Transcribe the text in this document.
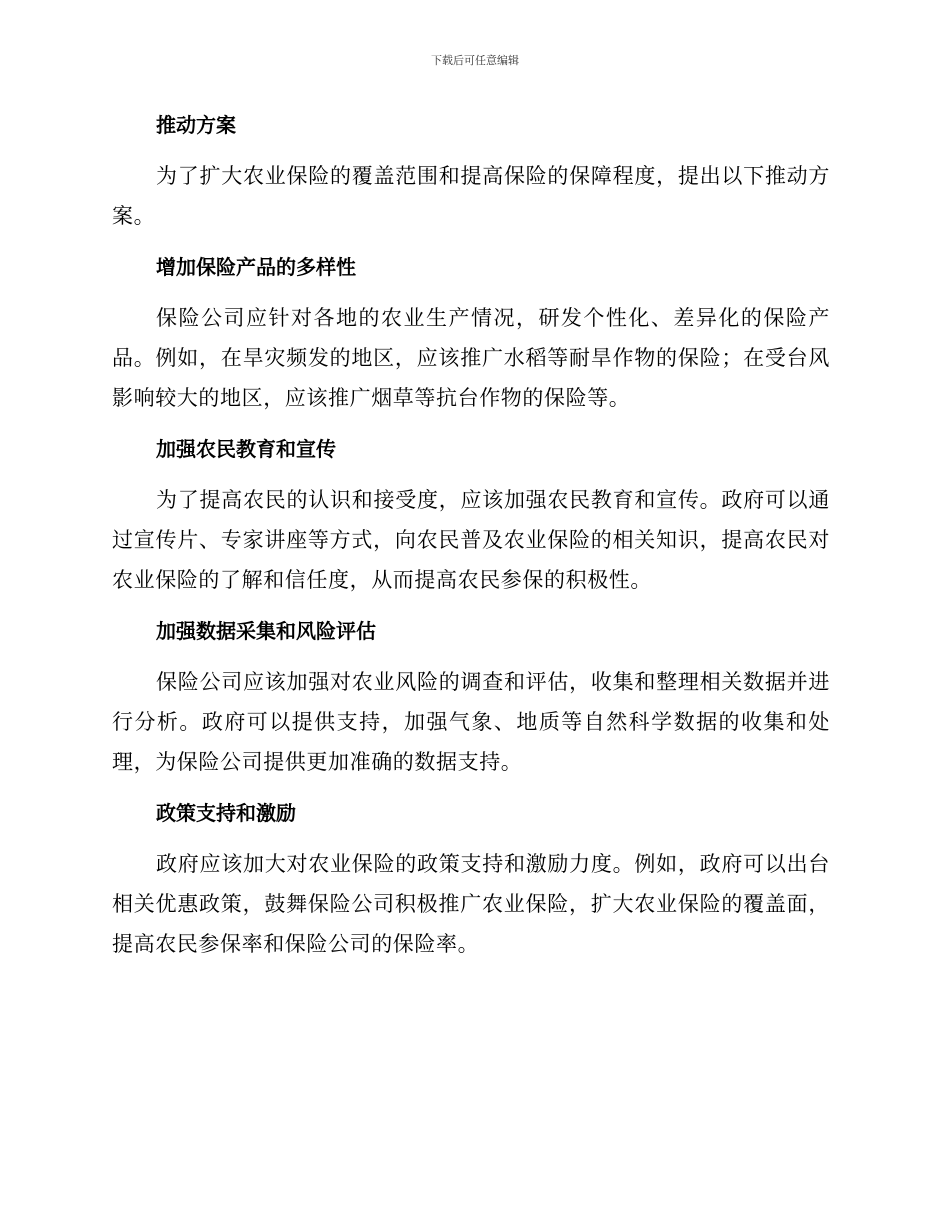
下载后可任意编辑
推动方案

为了扩大农业保险的覆盖范围和提高保险的保障程度，提出以下推动方案。

增加保险产品的多样性

保险公司应针对各地的农业生产情况，研发个性化、差异化的保险产品。例如，在旱灾频发的地区，应该推广水稻等耐旱作物的保险；在受台风影响较大的地区，应该推广烟草等抗台作物的保险等。

加强农民教育和宣传

为了提高农民的认识和接受度，应该加强农民教育和宣传。政府可以通过宣传片、专家讲座等方式，向农民普及农业保险的相关知识，提高农民对农业保险的了解和信任度，从而提高农民参保的积极性。

加强数据采集和风险评估

保险公司应该加强对农业风险的调查和评估，收集和整理相关数据并进行分析。政府可以提供支持，加强气象、地质等自然科学数据的收集和处理，为保险公司提供更加准确的数据支持。

政策支持和激励

政府应该加大对农业保险的政策支持和激励力度。例如，政府可以出台相关优惠政策，鼓舞保险公司积极推广农业保险，扩大农业保险的覆盖面，提高农民参保率和保险公司的保险率。
